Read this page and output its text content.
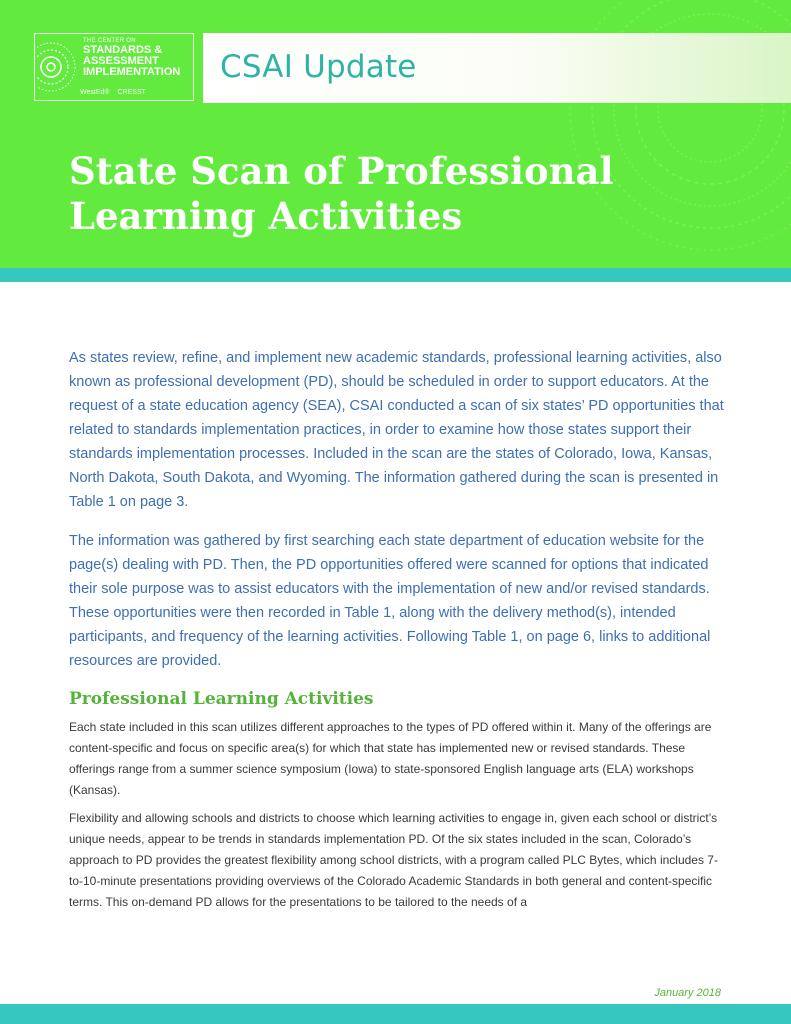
THE CENTER ON
STANDARDS &
ASSESSMENT
IMPLEMENTATION
WestEd® CRESST
CSAI Update
State Scan of Professional
Learning Activities

As states review, refine, and implement new academic standards, professional learning activities, also known as professional development (PD), should be scheduled in order to support educators. At the request of a state education agency (SEA), CSAI conducted a scan of six states’ PD opportunities that related to standards implementation practices, in order to examine how those states support their standards implementation processes. Included in the scan are the states of Colorado, Iowa, Kansas, North Dakota, South Dakota, and Wyoming. The information gathered during the scan is presented in Table 1 on page 3.

The information was gathered by first searching each state department of education website for the page(s) dealing with PD. Then, the PD opportunities offered were scanned for options that indicated their sole purpose was to assist educators with the implementation of new and/or revised standards. These opportunities were then recorded in Table 1, along with the delivery method(s), intended participants, and frequency of the learning activities. Following Table 1, on page 6, links to additional resources are provided.

Professional Learning Activities

Each state included in this scan utilizes different approaches to the types of PD offered within it. Many of the offerings are content-specific and focus on specific area(s) for which that state has implemented new or revised standards. These offerings range from a summer science symposium (Iowa) to state-sponsored English language arts (ELA) workshops (Kansas).

Flexibility and allowing schools and districts to choose which learning activities to engage in, given each school or district’s unique needs, appear to be trends in standards implementation PD. Of the six states included in the scan, Colorado’s approach to PD provides the greatest flexibility among school districts, with a program called PLC Bytes, which includes 7-to-10-minute presentations providing overviews of the Colorado Academic Standards in both general and content-specific terms. This on-demand PD allows for the presentations to be tailored to the needs of a

January 2018
